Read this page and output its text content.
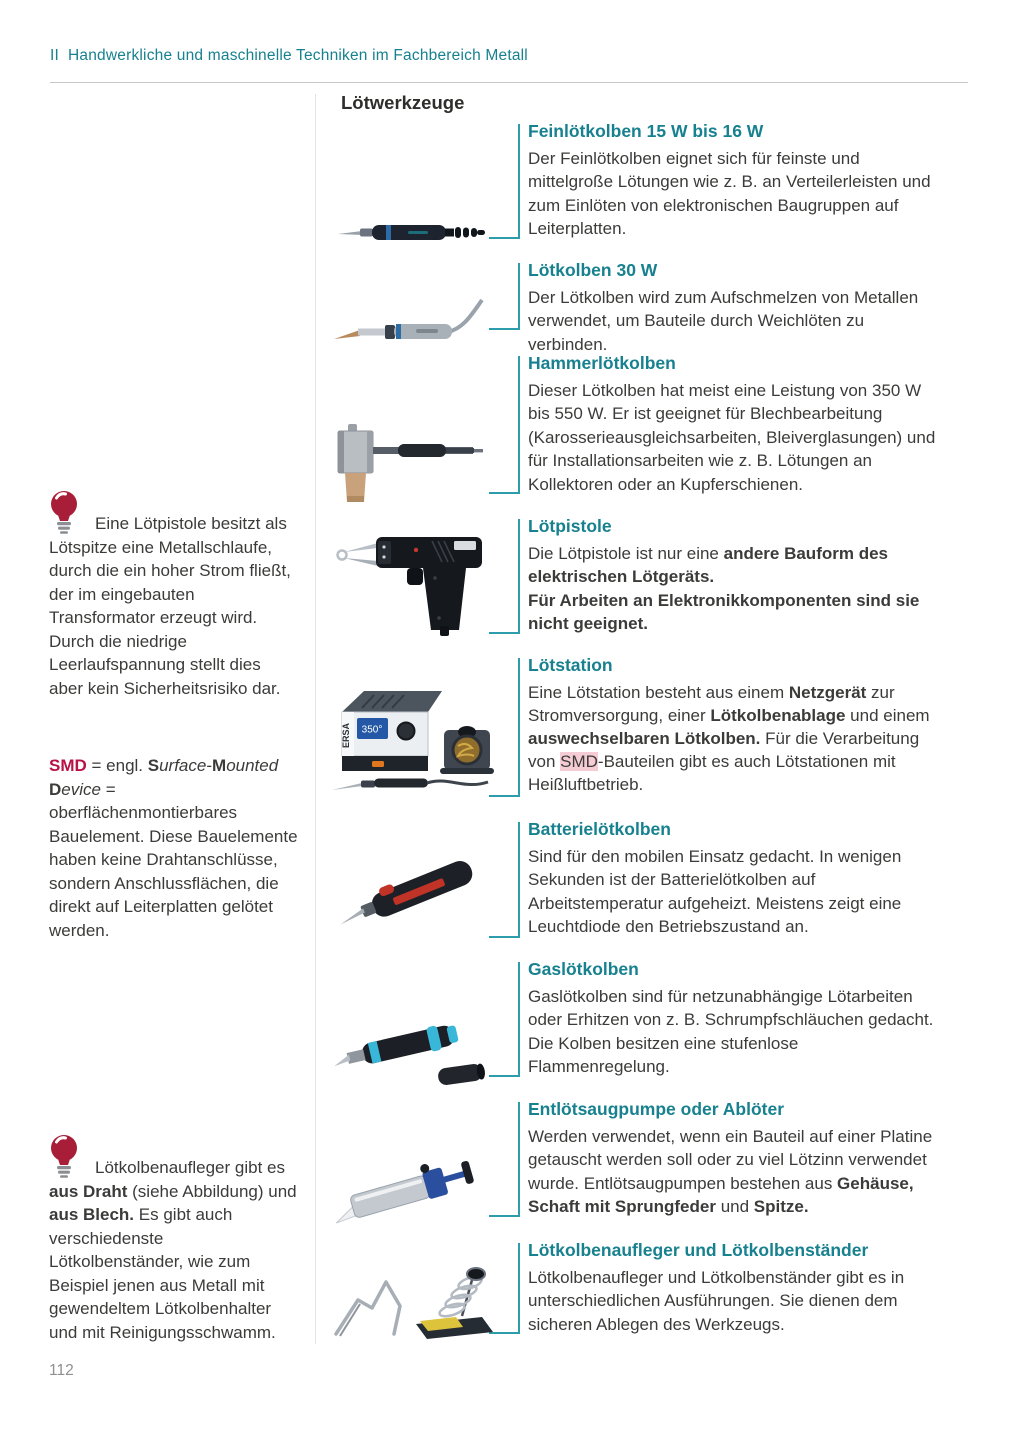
II  Handwerkliche und maschinelle Techniken im Fachbereich Metall
Lötwerkzeuge
Eine Lötpistole besitzt als Lötspitze eine Metallschlaufe, durch die ein hoher Strom fließt, der im eingebauten Transformator erzeugt wird. Durch die niedrige Leerlaufspannung stellt dies aber kein Sicherheitsrisiko dar.
SMD = engl. Surface-Mounted Device = oberflächenmontierbares Bauelement. Diese Bauelemente haben keine Drahtanschlüsse, sondern Anschlussflächen, die direkt auf Leiterplatten gelötet werden.
Lötkolbenaufleger gibt es aus Draht (siehe Abbildung) und aus Blech. Es gibt auch verschiedenste Lötkolbenständer, wie zum Beispiel jenen aus Metall mit gewendeltem Lötkolbenhalter und mit Reinigungsschwamm.
112
Feinlötkolben 15 W bis 16 W
Der Feinlötkolben eignet sich für feinste und mittelgroße Lötungen wie z. B. an Verteilerleisten und zum Einlöten von elektronischen Baugruppen auf Leiterplatten.
Lötkolben 30 W
Der Lötkolben wird zum Aufschmelzen von Metallen verwendet, um Bauteile durch Weichlöten zu verbinden.
Hammerlötkolben
Dieser Lötkolben hat meist eine Leistung von 350 W bis 550 W. Er ist geeignet für Blechbearbeitung (Karosserieausgleichsarbeiten, Bleiverglasungen) und für Installationsarbeiten wie z. B. Lötungen an Kollektoren oder an Kupferschienen.
Lötpistole
Die Lötpistole ist nur eine andere Bauform des elektrischen Lötgeräts.
Für Arbeiten an Elektronikkomponenten sind sie nicht geeignet.
ERSA 350°
Lötstation
Eine Lötstation besteht aus einem Netzgerät zur Stromversorgung, einer Lötkolbenablage und einem auswechselbaren Lötkolben. Für die Verarbeitung von SMD-Bauteilen gibt es auch Lötstationen mit Heißluftbetrieb.
Batterielötkolben
Sind für den mobilen Einsatz gedacht. In wenigen Sekunden ist der Batterielötkolben auf Arbeitstemperatur aufgeheizt. Meistens zeigt eine Leuchtdiode den Betriebszustand an.
Gaslötkolben
Gaslötkolben sind für netzunabhängige Lötarbeiten oder Erhitzen von z. B. Schrumpfschläuchen gedacht. Die Kolben besitzen eine stufenlose Flammenregelung.
Entlötsaugpumpe oder Ablöter
Werden verwendet, wenn ein Bauteil auf einer Platine getauscht werden soll oder zu viel Lötzinn verwendet wurde. Entlötsaugpumpen bestehen aus Gehäuse, Schaft mit Sprungfeder und Spitze.
Lötkolbenaufleger und Lötkolbenständer
Lötkolbenaufleger und Lötkolbenständer gibt es in unterschiedlichen Ausführungen. Sie dienen dem sicheren Ablegen des Werkzeugs.
